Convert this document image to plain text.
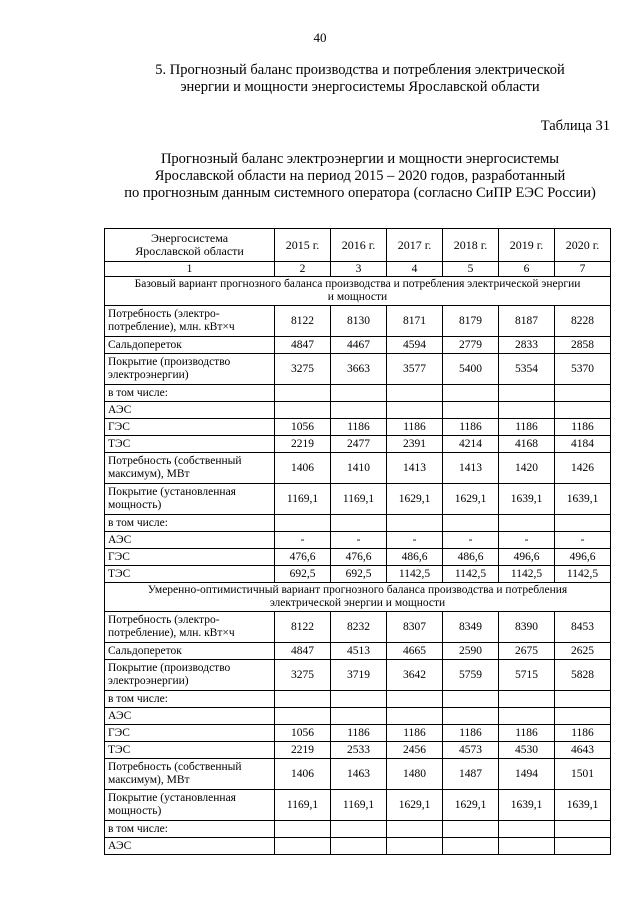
40
5. Прогнозный баланс производства и потребления электрической
энергии и мощности энергосистемы Ярославской области
Таблица 31
Прогнозный баланс электроэнергии и мощности энергосистемы
Ярославской области на период 2015 – 2020 годов, разработанный
по прогнозным данным системного оператора (согласно СиПР ЕЭС России)
Энергосистема
Ярославской области	2015 г.	2016 г.	2017 г.	2018 г.	2019 г.	2020 г.
1	2	3	4	5	6	7

Базовый вариант прогнозного баланса производства и потребления электрической энергии
и мощности						

Потребность (электро-
потребление), млн. кВт×ч	8122	8130	8171	8179	8187	8228

Сальдопереток	4847	4467	4594	2779	2833	2858

Покрытие (производство
электроэнергии)	3275	3663	3577	5400	5354	5370

в том числе:						

АЭС						

ГЭС	1056	1186	1186	1186	1186	1186

ТЭС	2219	2477	2391	4214	4168	4184

Потребность (собственный
максимум), МВт	1406	1410	1413	1413	1420	1426

Покрытие (установленная
мощность)	1169,1	1169,1	1629,1	1629,1	1639,1	1639,1

в том числе:						

АЭС	-	-	-	-	-	-

ГЭС	476,6	476,6	486,6	486,6	496,6	496,6

ТЭС	692,5	692,5	1142,5	1142,5	1142,5	1142,5

Умеренно-оптимистичный вариант прогнозного баланса производства и потребления
электрической энергии и мощности						

Потребность (электро-
потребление), млн. кВт×ч	8122	8232	8307	8349	8390	8453

Сальдопереток	4847	4513	4665	2590	2675	2625

Покрытие (производство
электроэнергии)	3275	3719	3642	5759	5715	5828

в том числе:						

АЭС						

ГЭС	1056	1186	1186	1186	1186	1186

ТЭС	2219	2533	2456	4573	4530	4643

Потребность (собственный
максимум), МВт	1406	1463	1480	1487	1494	1501

Покрытие (установленная
мощность)	1169,1	1169,1	1629,1	1629,1	1639,1	1639,1

в том числе:						

АЭС						
